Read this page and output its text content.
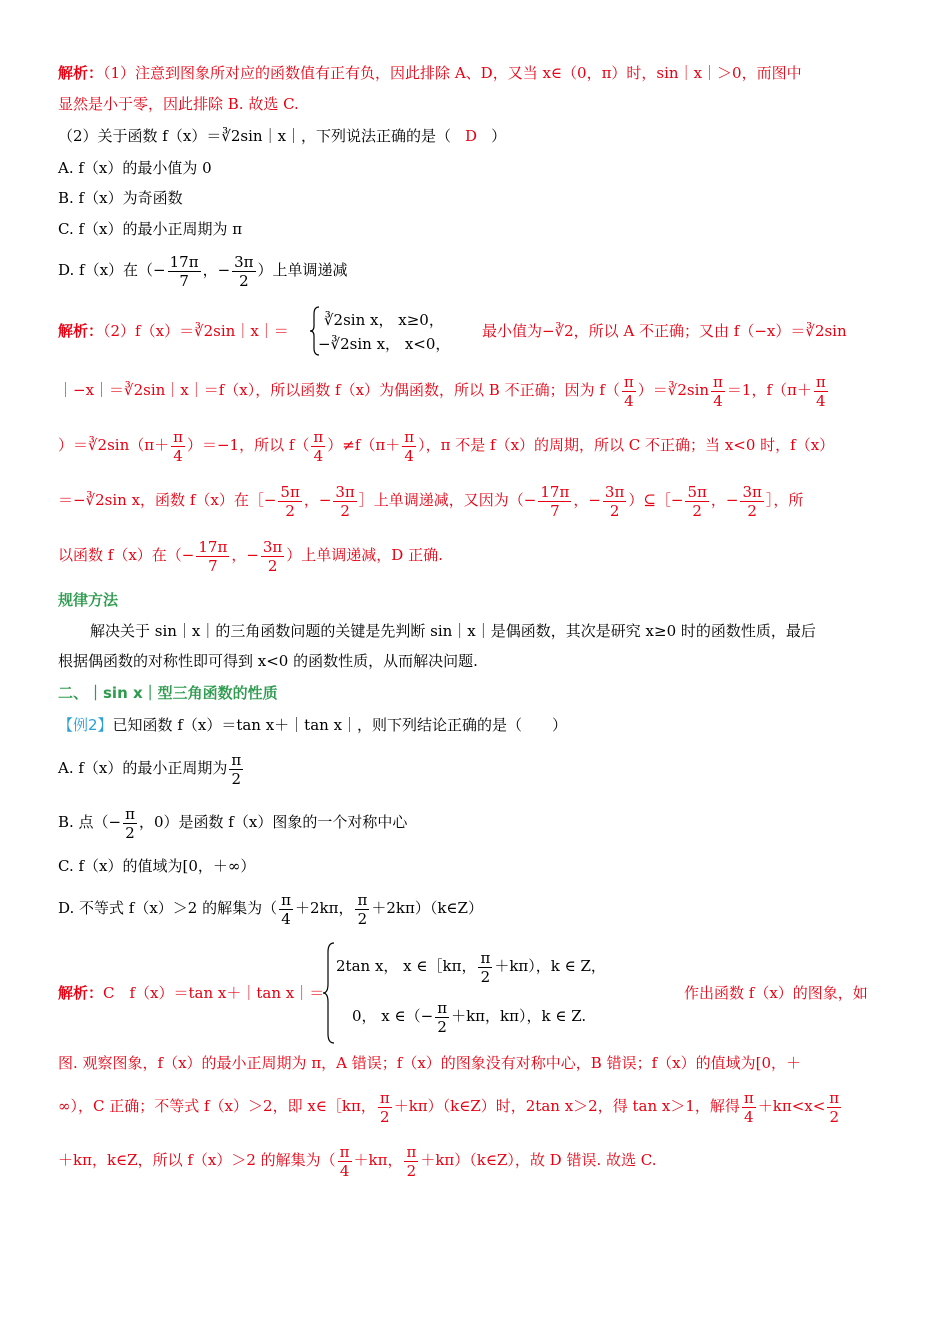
解析：（1）注意到图象所对应的函数值有正有负，因此排除 A、D，又当 x∈（0，π）时，sin｜x｜＞0，而图中
显然是小于零，因此排除 B. 故选 C.
（2）关于函数 f（x）＝∛2sin｜x｜，下列说法正确的是（ D ）
A. f（x）的最小值为 0
B. f（x）为奇函数
C. f（x）的最小正周期为 π
D. f（x）在（− $\frac{17\pi}{7}$ ，− $\frac{3\pi}{2}$ ）上单调递减
解析：（2）f（x）＝∛2sin｜x｜＝
∛2sin x， x≥0，
−∛2sin x， x<0，
最小值为−∛2，所以 A 不正确；又由 f（−x）＝∛2sin
｜−x｜＝∛2sin｜x｜＝f（x），所以函数 f（x）为偶函数，所以 B 不正确；因为 $f( \frac{\pi}{4}$ ）＝∛2sin $\frac{\pi}{4} =1$，$f(\pi+ \frac{\pi}{4}$
）＝∛2sin（π＋ $\frac{\pi}{4} )=-1$，所以 $f( \frac{\pi}{4} )\ne f(\pi+ \frac{\pi}{4}$ ），π 不是 f（x）的周期，所以 C 不正确；当 x<0 时，f（x）
＝−∛2sin x，函数 f（x）在［− $\frac{5\pi}{2}$ ，− $\frac{3\pi}{2}$ ］上单调递减，又因为（− $\frac{17\pi}{7}$ ，− $\frac{3\pi}{2}$ ）⊆［− $\frac{5\pi}{2}$ ，− $\frac{3\pi}{2}$ ］，所
以函数 f（x）在（− $\frac{17\pi}{7}$ ，− $\frac{3\pi}{2}$ ）上单调递减，D 正确.
规律方法
解决关于 sin｜x｜的三角函数问题的关键是先判断 sin｜x｜是偶函数，其次是研究 x≥0 时的函数性质，最后
根据偶函数的对称性即可得到 x<0 的函数性质，从而解决问题.
二、｜sin x｜型三角函数的性质
【例2】已知函数 f（x）＝tan x＋｜tan x｜，则下列结论正确的是（　　）
A. f（x）的最小正周期为 $\frac{\pi}{2}$
B. 点（− $\frac{\pi}{2}$ ，0）是函数 f（x）图象的一个对称中心
C. f（x）的值域为[0，＋∞）
D. 不等式 f（x）＞2 的解集为（ $\frac{\pi}{4} +2k\pi$， $\frac{\pi}{2}$ ＋2kπ）（k∈Z）
解析：C　f（x）＝tan x＋｜tan x｜＝
2tan x， x ∈［kπ， $\frac{\pi}{2} +k\pi$），k ∈ Z，
0， x ∈（− $\frac{\pi}{2} +k\pi$，kπ），k ∈ Z.
作出函数 f（x）的图象，如
图. 观察图象，f（x）的最小正周期为 π，A 错误；f（x）的图象没有对称中心，B 错误；f（x）的值域为[0，＋
∞），C 正确；不等式 f（x）＞2，即 x∈［kπ， $\frac{\pi}{2}$ ＋kπ）（k∈Z）时，2tan x＞2，得 tan x＞1，解得 $\frac{\pi}{4} +k\pi<x< \frac{\pi}{2}$
＋kπ，k∈Z，所以 f（x）＞2 的解集为（ $\frac{\pi}{4} +k\pi$， $\frac{\pi}{2}$ ＋kπ）（k∈Z），故 D 错误. 故选 C.
